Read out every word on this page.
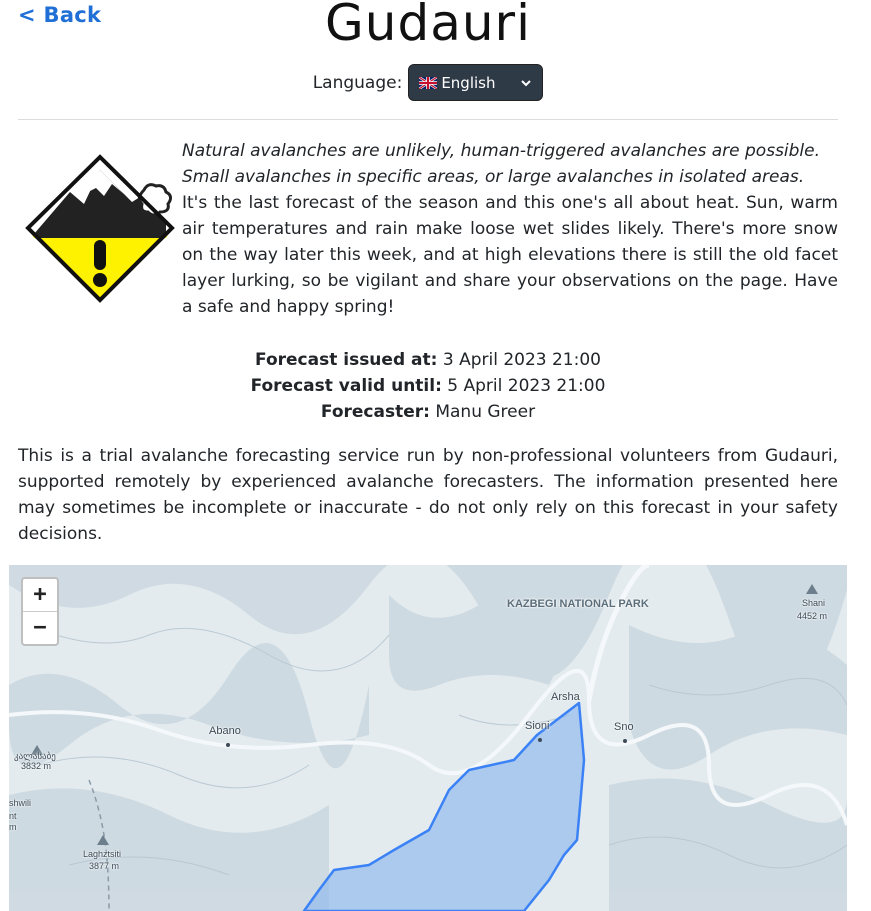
< Back	Gudauri
Language:	English

Natural avalanches are unlikely, human-triggered avalanches are possible. Small avalanches in specific areas, or large avalanches in isolated areas.

It's the last forecast of the season and this one's all about heat. Sun, warm air temperatures and rain make loose wet slides likely. There's more snow on the way later this week, and at high elevations there is still the old facet layer lurking, so be vigilant and share your observations on the page. Have a safe and happy spring!

Forecast issued at: 3 April 2023 21:00
Forecast valid until: 5 April 2023 21:00
Forecaster: Manu Greer

This is a trial avalanche forecasting service run by non-professional volunteers from Gudauri, supported remotely by experienced avalanche forecasters. The information presented here may sometimes be incomplete or inaccurate - do not only rely on this forecast in your safety decisions.

KAZBEGI NATIONAL PARK
Arsha
Sioni	Sno
Abano
Shani
4452 m
კალასაბე
3832 m
Laghztsiti
3877 m
shwili
nt
m
+
−
